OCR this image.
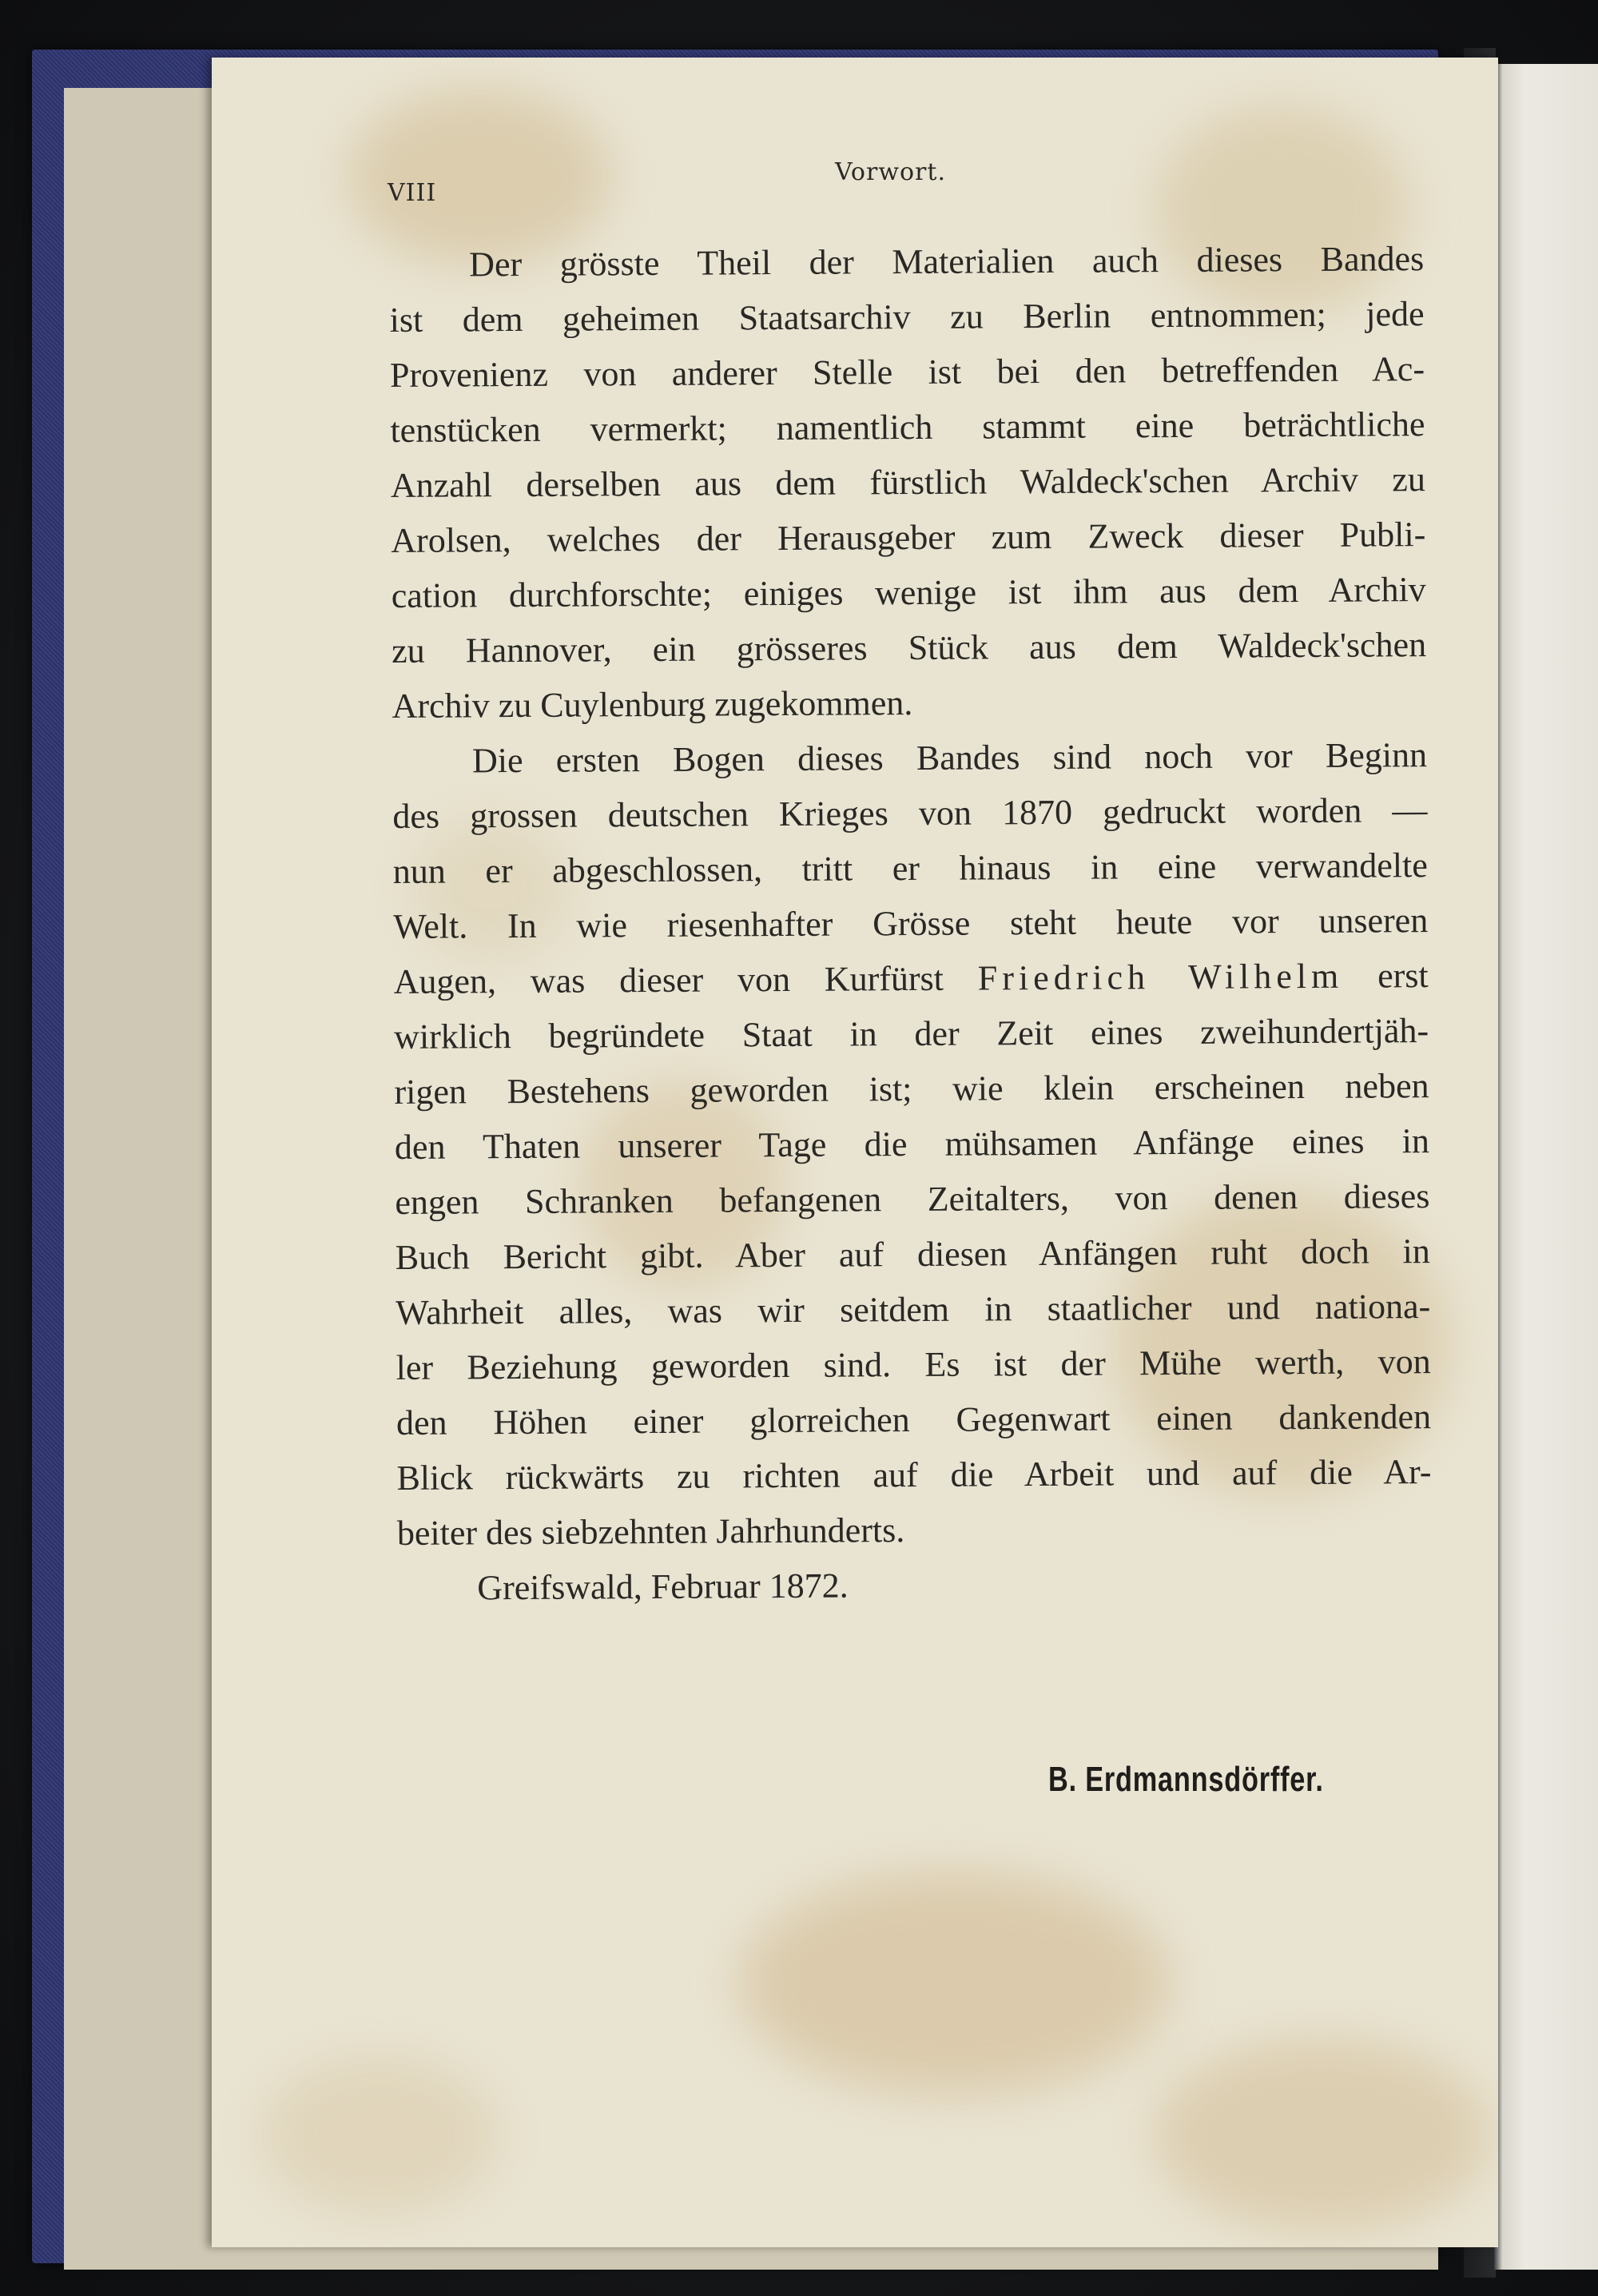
VIII
Vorwort.

Der grösste Theil der Materialien auch dieses Bandes
ist dem geheimen Staatsarchiv zu Berlin entnommen; jede
Provenienz von anderer Stelle ist bei den betreffenden Ac-
tenstücken vermerkt; namentlich stammt eine beträchtliche
Anzahl derselben aus dem fürstlich Waldeck'schen Archiv zu
Arolsen, welches der Herausgeber zum Zweck dieser Publi-
cation durchforschte; einiges wenige ist ihm aus dem Archiv
zu Hannover, ein grösseres Stück aus dem Waldeck'schen
Archiv zu Cuylenburg zugekommen.

Die ersten Bogen dieses Bandes sind noch vor Beginn
des grossen deutschen Krieges von 1870 gedruckt worden —
nun er abgeschlossen, tritt er hinaus in eine verwandelte
Welt. In wie riesenhafter Grösse steht heute vor unseren
Augen, was dieser von Kurfürst Friedrich Wilhelm erst
wirklich begründete Staat in der Zeit eines zweihundertjäh-
rigen Bestehens geworden ist; wie klein erscheinen neben
den Thaten unserer Tage die mühsamen Anfänge eines in
engen Schranken befangenen Zeitalters, von denen dieses
Buch Bericht gibt. Aber auf diesen Anfängen ruht doch in
Wahrheit alles, was wir seitdem in staatlicher und nationa-
ler Beziehung geworden sind. Es ist der Mühe werth, von
den Höhen einer glorreichen Gegenwart einen dankenden
Blick rückwärts zu richten auf die Arbeit und auf die Ar-
beiter des siebzehnten Jahrhunderts.

Greifswald, Februar 1872.

B. Erdmannsdörffer.
